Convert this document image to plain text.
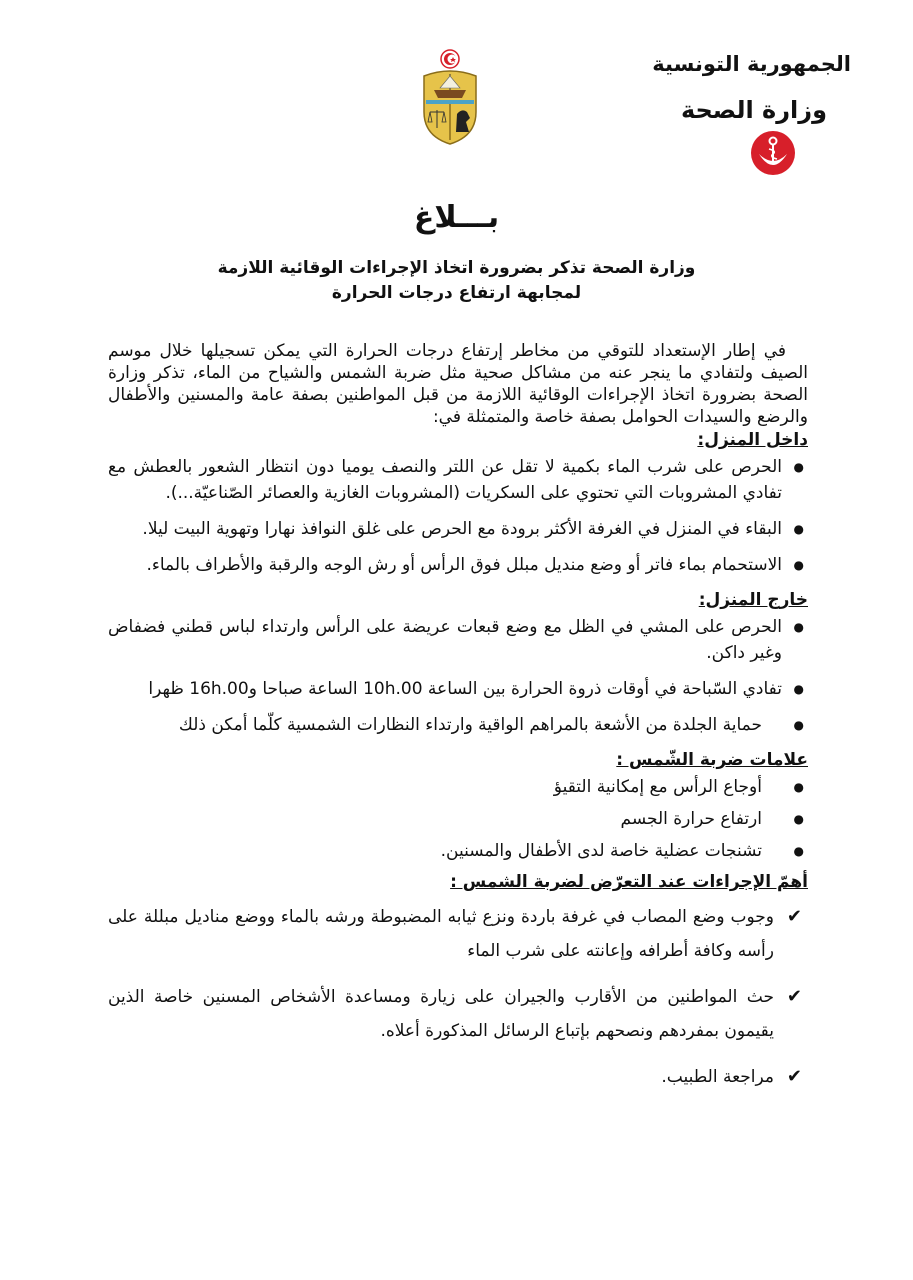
الجمهورية التونسية
وزارة الصحة
بـــلاغ
وزارة الصحة تذكر بضرورة اتخاذ الإجراءات الوقائية اللازمة
لمجابهة ارتفاع درجات الحرارة

في إطار الإستعداد للتوقي من مخاطر إرتفاع درجات الحرارة التي يمكن تسجيلها خلال موسم الصيف ولتفادي ما ينجر عنه من مشاكل صحية مثل ضربة الشمس والشياح من الماء، تذكر وزارة الصحة بضرورة اتخاذ الإجراءات الوقائية اللازمة من قبل المواطنين بصفة عامة والمسنين والأطفال والرضع والسيدات الحوامل بصفة خاصة والمتمثلة في:

داخل المنزل:

● الحرص على شرب الماء بكمية لا تقل عن اللتر والنصف يوميا دون انتظار الشعور بالعطش مع تفادي المشروبات التي تحتوي على السكريات (المشروبات الغازية والعصائر الصّناعيّة...).
● البقاء في المنزل في الغرفة الأكثر برودة مع الحرص على غلق النوافذ نهارا وتهوية البيت ليلا.
● الاستحمام بماء فاتر أو وضع منديل مبلل فوق الرأس أو رش الوجه والرقبة والأطراف بالماء.

خارج المنزل:

● الحرص على المشي في الظل مع وضع قبعات عريضة على الرأس وارتداء لباس قطني فضفاض وغير داكن.
● تفادي السّباحة في أوقات ذروة الحرارة بين الساعة 10h.00 الساعة صباحا و16h.00 ظهرا
● حماية الجلدة من الأشعة بالمراهم الواقية وارتداء النظارات الشمسية كلّما أمكن ذلك

علامات ضربة الشّمس :

● أوجاع الرأس مع إمكانية التقيؤ
● ارتفاع حرارة الجسم
● تشنجات عضلية خاصة لدى الأطفال والمسنين.

أهمّ الإجراءات عند التعرّض لضربة الشمس :

✔
وجوب وضع المصاب في غرفة باردة ونزع ثيابه المضبوطة ورشه بالماء ووضع مناديل مبللة على رأسه وكافة أطرافه وإعانته على شرب الماء
✔
حث المواطنين من الأقارب والجيران على زيارة ومساعدة الأشخاص المسنين خاصة الذين يقيمون بمفردهم ونصحهم بإتباع الرسائل المذكورة أعلاه.
✔
مراجعة الطبيب.
